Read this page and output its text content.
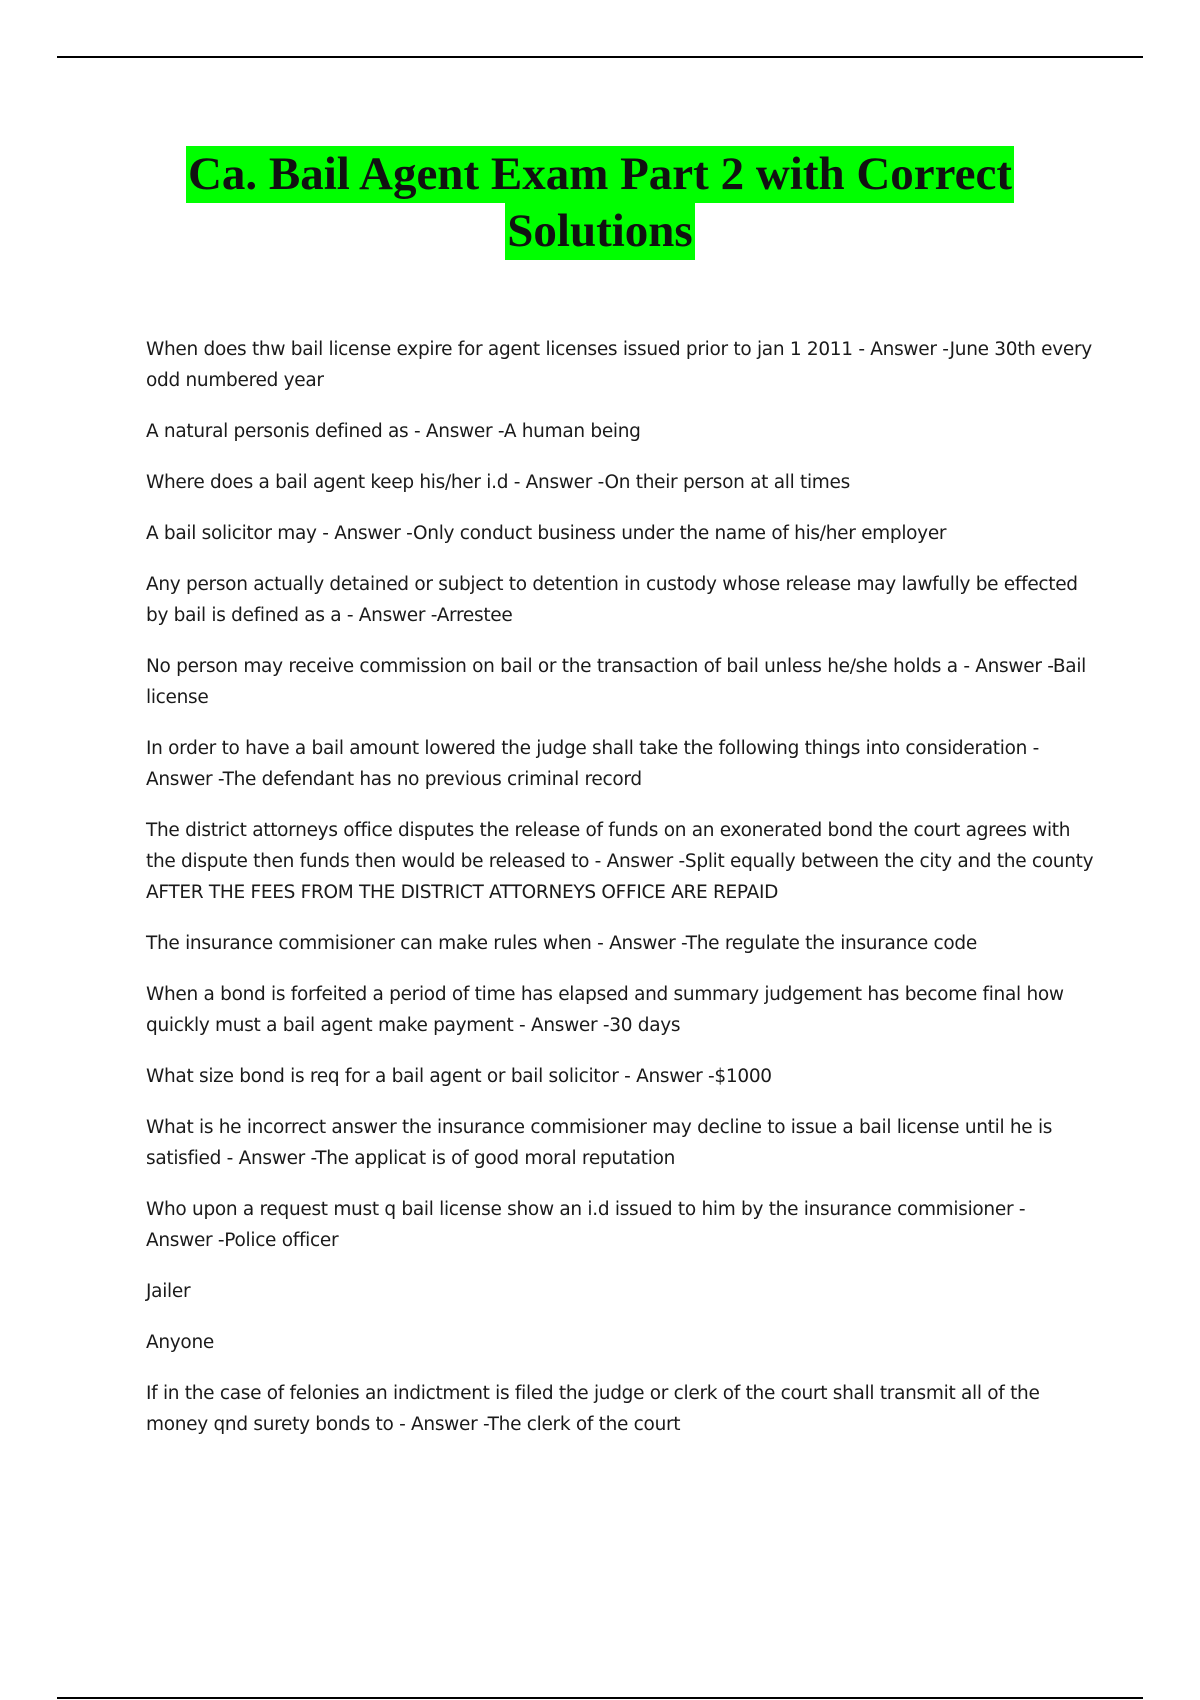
Ca. Bail Agent Exam Part 2 with Correct
Solutions

When does thw bail license expire for agent licenses issued prior to jan 1 2011 - Answer -June 30th every odd numbered year

A natural personis defined as - Answer -A human being

Where does a bail agent keep his/her i.d - Answer -On their person at all times

A bail solicitor may - Answer -Only conduct business under the name of his/her employer

Any person actually detained or subject to detention in custody whose release may lawfully be effected by bail is defined as a - Answer -Arrestee

No person may receive commission on bail or the transaction of bail unless he/she holds a - Answer -Bail license

In order to have a bail amount lowered the judge shall take the following things into consideration - Answer -The defendant has no previous criminal record

The district attorneys office disputes the release of funds on an exonerated bond the court agrees with the dispute then funds then would be released to - Answer -Split equally between the city and the county AFTER THE FEES FROM THE DISTRICT ATTORNEYS OFFICE ARE REPAID

The insurance commisioner can make rules when - Answer -The regulate the insurance code

When a bond is forfeited a period of time has elapsed and summary judgement has become final how quickly must a bail agent make payment - Answer -30 days

What size bond is req for a bail agent or bail solicitor - Answer -$1000

What is he incorrect answer the insurance commisioner may decline to issue a bail license until he is satisfied - Answer -The applicat is of good moral reputation

Who upon a request must q bail license show an i.d issued to him by the insurance commisioner - Answer -Police officer

Jailer

Anyone

If in the case of felonies an indictment is filed the judge or clerk of the court shall transmit all of the money qnd surety bonds to - Answer -The clerk of the court
